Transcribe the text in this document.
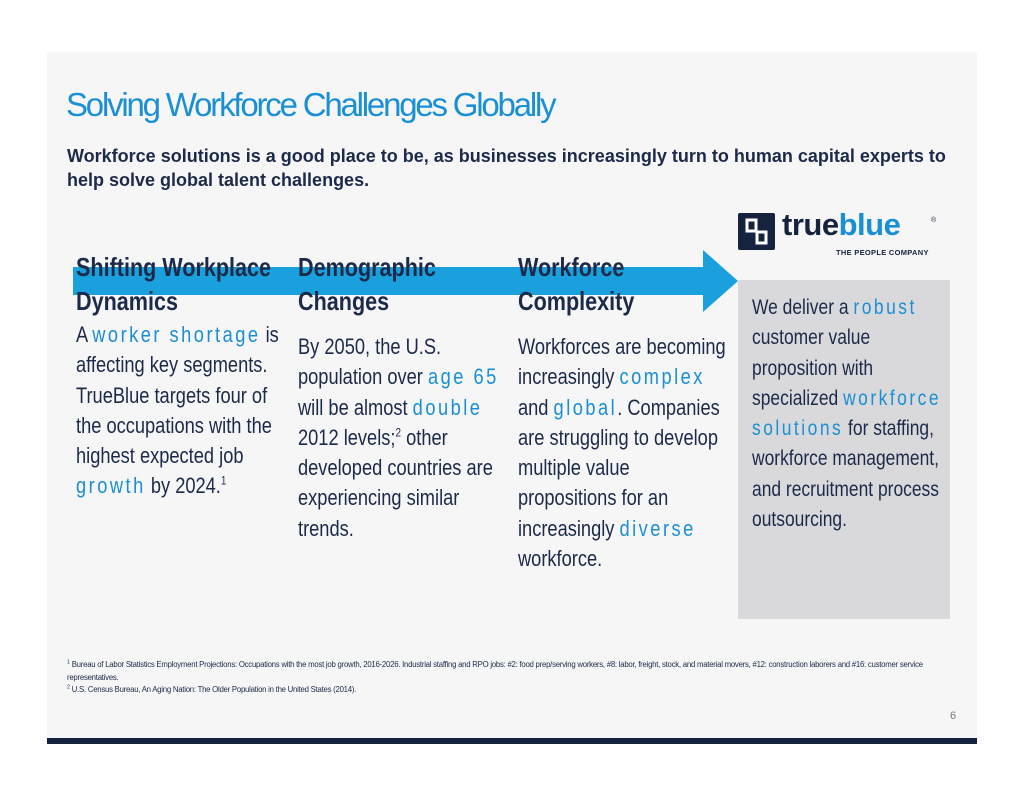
Solving Workforce Challenges Globally
Workforce solutions is a good place to be, as businesses increasingly turn to human capital experts to help solve global talent challenges.
trueblue	®
THE PEOPLE COMPANY
Shifting Workplace Dynamics
A worker shortage is affecting key segments. TrueBlue targets four of the occupations with the highest expected job growth by 2024.$^1$
Demographic Changes
By 2050, the U.S. population over age 65 will be almost double 2012 levels;$^2$ other developed countries are experiencing similar trends.
Workforce Complexity
Workforces are becoming increasingly complex and global. Companies are struggling to develop multiple value propositions for an increasingly diverse workforce.
We deliver a robust customer value proposition with specialized workforce solutions for staffing, workforce management, and recruitment process outsourcing.
$^1$ Bureau of Labor Statistics Employment Projections: Occupations with the most job growth, 2016-2026. Industrial staffing and RPO jobs: #2: food prep/serving workers, #8: labor, freight, stock, and material movers, #12: construction laborers and #16: customer service representatives.
$^2$ U.S. Census Bureau, An Aging Nation: The Older Population in the United States (2014).
6
